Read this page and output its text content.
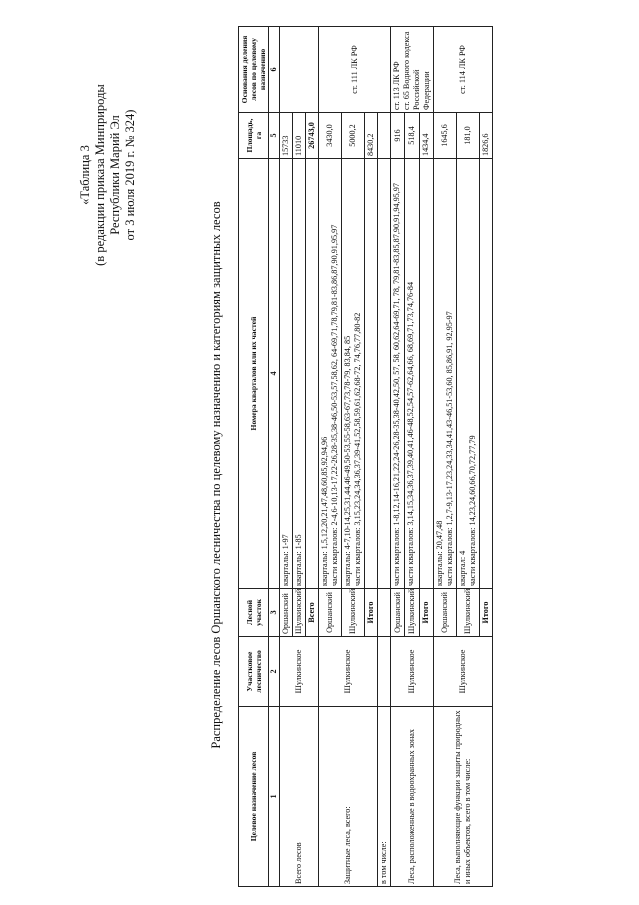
«Таблица 3 (в редакции приказа Минприроды Республики Марий Эл от 3 июля 2019 г. № 324)
Распределение лесов Оршанского лесничества по целевому назначению и категориям защитных лесов
Целевое назначение лесов	Участковое лесничество	Лесной участок	Номера кварталов или их частей	Площадь, га	Основания деления лесов по целевому назначению
1	2	3	4	5	6
Всего лесов	Шулкинское	Оршанский	кварталы: 1-97	15733	
		Шулкинский	кварталы: 1-85	11010	
		Всего		26743,0	
Защитные леса, всего:	Шулкинское	Оршанский	кварталы: 1,5,12,20,21,47,48,60,85,92,94,96
части кварталов: 2-4,6-10,13-17,22-26,28-35,38-46,50-53,57,58,62, 64-69,71,78,79,81-83,86,87,90,91,95,97	3430,0	ст. 111 ЛК РФ
		Шулкинский	кварталы: 4-7,10-14,25,31,44,46-49,50-53,55-58,63-67,73,78-79, 83,84, 85
части кварталов: 3,15,23,24,34,36,37,39-41,52,58,59,61,62,68-72, 74,76,77,80-82	5000,2	
		Итого		8430,2	
в том числе:					
Леса, расположенные в водоохранных зонах	Шулкинское	Оршанский	части кварталов: 1-8,12,14-16,21,22,24-26,28-35,38-40,42,50, 57, 58, 60,62,64-69,71, 78, 79,81-83,85,87,90,91,94,95,97	916	ст. 113 ЛК РФ
ст. 65 Водного кодекса Российской Федерации
		Шулкинский	части кварталов: 3,14,15,34,36,37,39,40,41,46-48,52,54,57-62,64,66, 68,69,71,73,74,76-84	518,4	
		Итого		1434,4	
Леса, выполняющие функции защиты природных и иных объектов, всего в том числе:	Шулкинское	Оршанский	кварталы: 20,47,48
части кварталов: 1,2,7-9,13-17,23,24,33,34,41,43-46,51-53,60, 85,86,91, 92,95-97	1645,6	ст. 114 ЛК РФ
		Шулкинский	квартал: 4
части кварталов: 14,23,24,60,66,70,72,77,79	181,0	
		Итого		1826,6	
